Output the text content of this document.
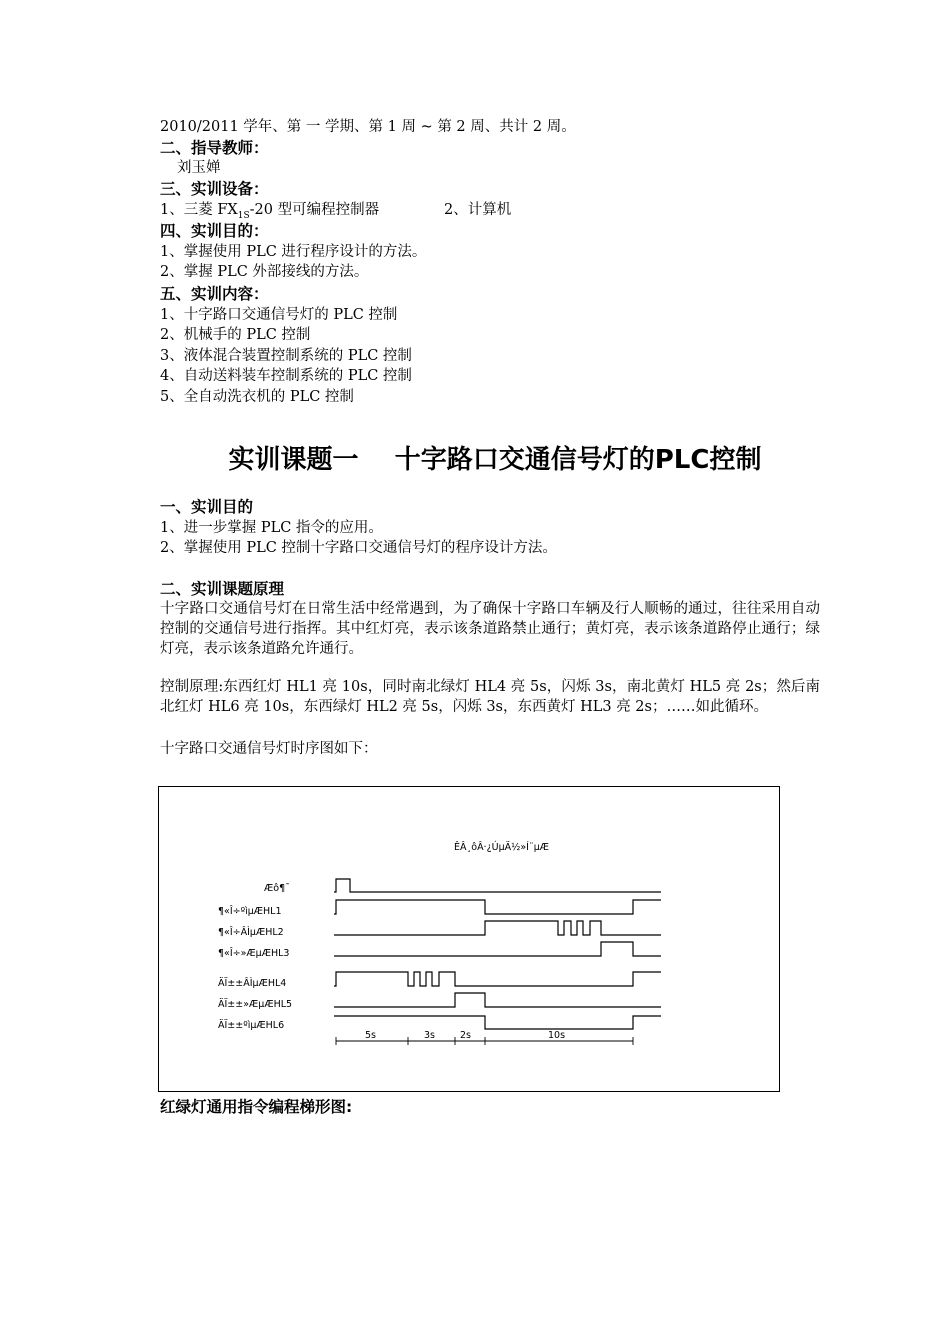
2010/2011 学年、第 一 学期、第 1 周 ~ 第 2 周、共计 2 周。
二、指导教师：
刘玉婵
三、实训设备：
1、三菱 $FX_{1S}-20$ 型可编程控制器	2、计算机
四、实训目的：
1、掌握使用 PLC 进行程序设计的方法。
2、掌握 PLC 外部接线的方法。
五、实训内容：
1、十字路口交通信号灯的 PLC 控制
2、机械手的 PLC 控制
3、液体混合装置控制系统的 PLC 控制
4、自动送料装车控制系统的 PLC 控制
5、全自动洗衣机的 PLC 控制
实训课题一    十字路口交通信号灯的PLC控制
一、实训目的
1、进一步掌握 PLC 指令的应用。
2、掌握使用 PLC 控制十字路口交通信号灯的程序设计方法。
二、实训课题原理
十字路口交通信号灯在日常生活中经常遇到，为了确保十字路口车辆及行人顺畅的通过，往往采用自动控制的交通信号进行指挥。其中红灯亮，表示该条道路禁止通行；黄灯亮，表示该条道路停止通行；绿灯亮，表示该条道路允许通行。
控制原理:东西红灯 HL1 亮 10s，同时南北绿灯 HL4 亮 5s，闪烁 3s，南北黄灯 HL5 亮 2s；然后南北红灯 HL6 亮 10s，东西绿灯 HL2 亮 5s，闪烁 3s，东西黄灯 HL3 亮 2s；……如此循环。
十字路口交通信号灯时序图如下：
ÊÂ¸ôÂ·¿ÚµÄ½»Í¨µÆ
Æô¶¯
¶«Î÷ºìµÆHL1
¶«Î÷ÂÌµÆHL2
¶«Î÷»ÆµÆHL3
ÄÏ±±ÂÌµÆHL4
ÄÏ±±»ÆµÆHL5
ÄÏ±±ºìµÆHL6
5s	3s	2s	10s
红绿灯通用指令编程梯形图:
